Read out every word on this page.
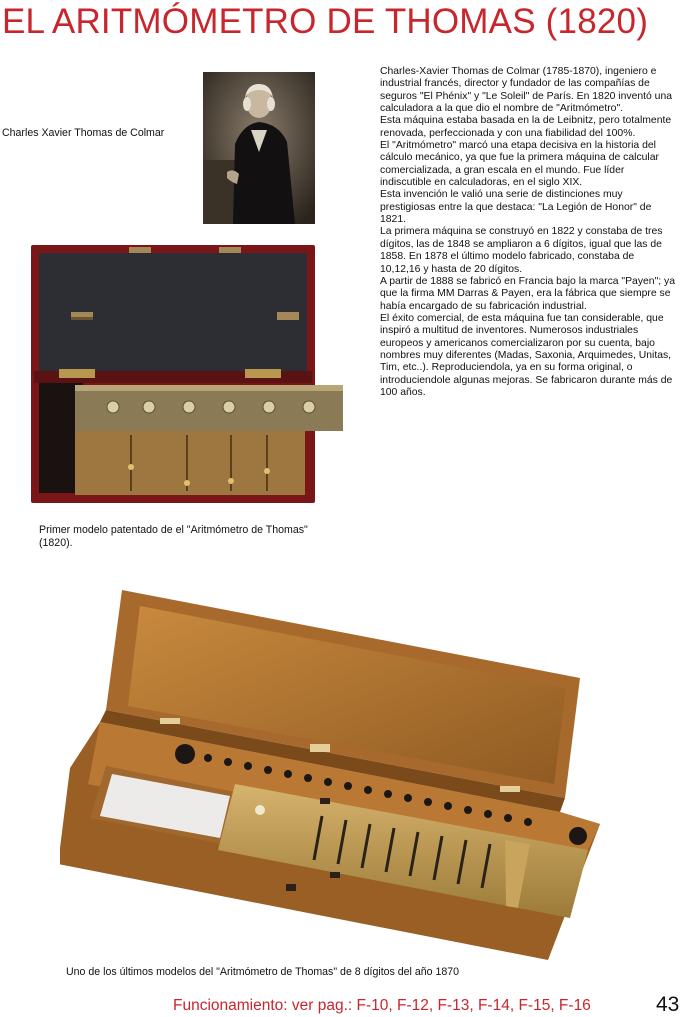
EL ARITMÓMETRO DE THOMAS (1820)
Charles Xavier Thomas de Colmar

Charles-Xavier Thomas de Colmar (1785-1870), ingeniero e industrial francés, director y fundador de las compañías de seguros "El Phénix" y "Le Soleil" de París. En 1820 inventó una calculadora a la que dio el nombre de "Aritmómetro".

Esta máquina estaba basada en la de Leibnitz, pero totalmente renovada, perfeccionada y con una fiabilidad del 100%.

El "Aritmómetro" marcó una etapa decisiva en la historia del cálculo mecánico, ya que fue la primera máquina de calcular comercializada, a gran escala en el mundo. Fue líder indiscutible en calculadoras, en el siglo XIX.

Esta invención le valió una serie de distinciones muy prestigiosas entre la que destaca: "La Legión de Honor" de 1821.

La primera máquina se construyó en 1822 y constaba de tres dígitos, las de 1848 se ampliaron a 6 dígitos, igual que las de 1858. En 1878 el último modelo fabricado, constaba de 10,12,16 y hasta de 20 dígitos.

A partir de 1888 se fabricó en Francia bajo la marca "Payen"; ya que la firma MM Darras & Payen, era la fábrica que siempre se había encargado de su fabricación industrial.

El éxito comercial, de esta máquina fue tan considerable, que inspiró a multitud de inventores. Numerosos industriales europeos y americanos comercializaron por su cuenta, bajo nombres muy diferentes (Madas, Saxonia, Arquimedes, Unitas, Tim, etc..). Reproduciendola, ya en su forma original, o introduciendole algunas mejoras. Se fabricaron durante más de 100 años.

Primer modelo patentado de el "Aritmómetro de Thomas" (1820).
Uno de los últimos modelos del "Aritmómetro de Thomas" de 8 dígitos del año 1870
Funcionamiento: ver pag.: F-10, F-12, F-13, F-14, F-15, F-16	43
